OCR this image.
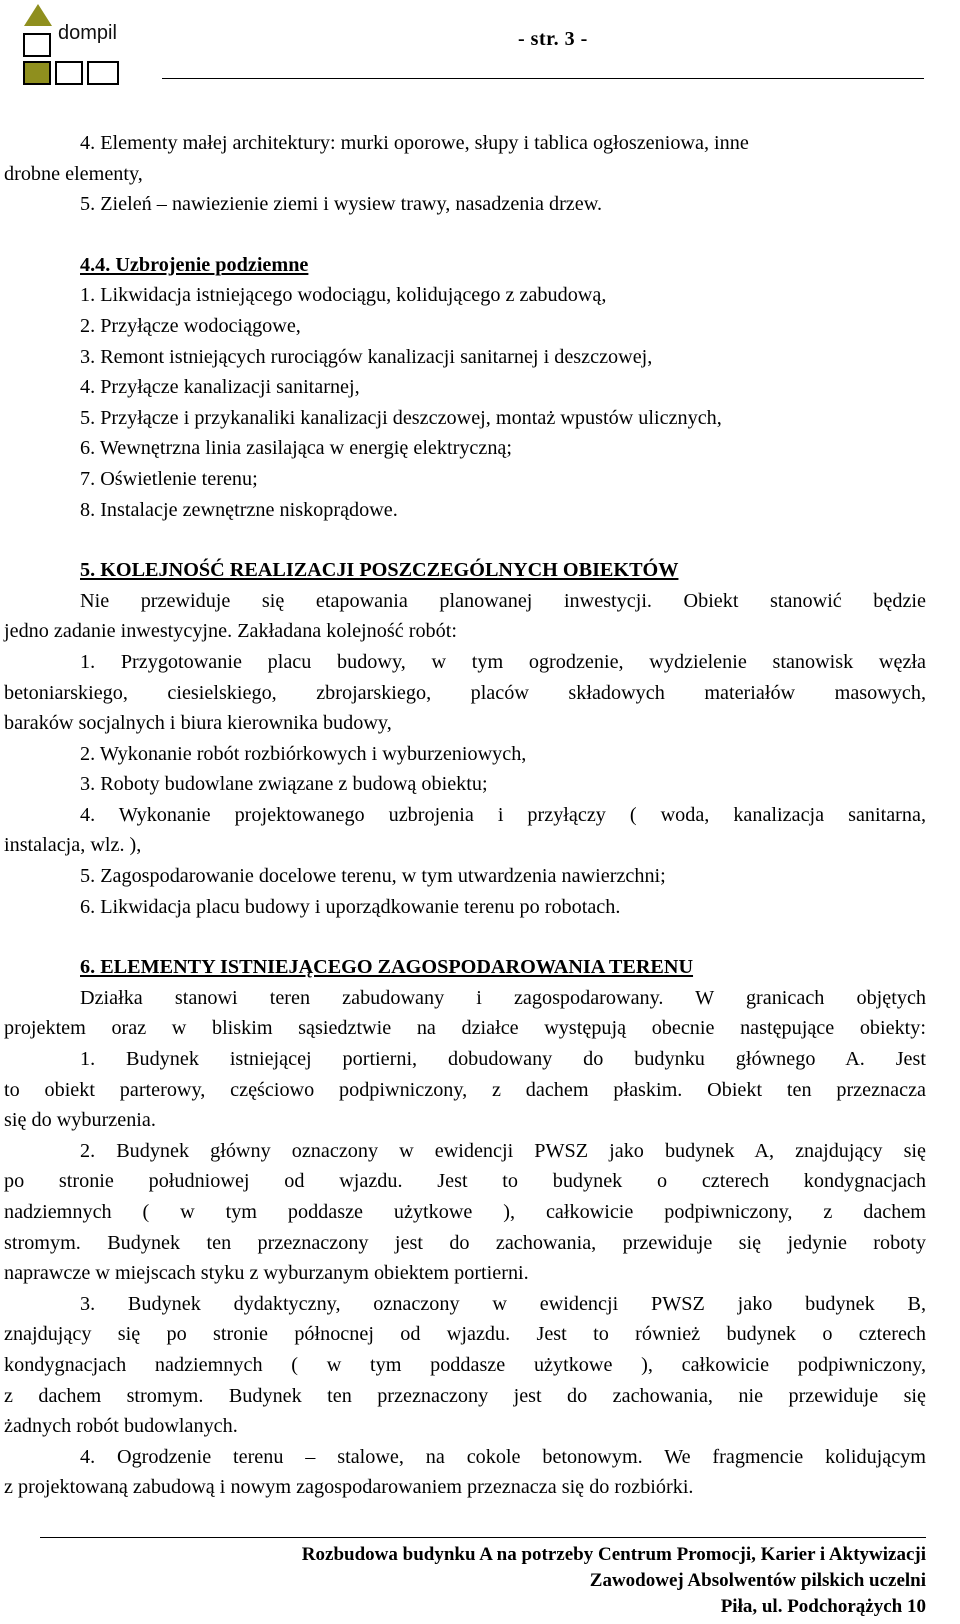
dompil	- str. 3 -
4. Elementy małej architektury: murki oporowe, słupy i tablica ogłoszeniowa, inne
drobne elementy,
5. Zieleń – nawiezienie ziemi i wysiew trawy, nasadzenia drzew.
4.4. Uzbrojenie podziemne
1. Likwidacja istniejącego wodociągu, kolidującego z zabudową,
2. Przyłącze wodociągowe,
3. Remont istniejących rurociągów kanalizacji sanitarnej i deszczowej,
4. Przyłącze kanalizacji sanitarnej,
5. Przyłącze i przykanaliki kanalizacji deszczowej, montaż wpustów ulicznych,
6. Wewnętrzna linia zasilająca w energię elektryczną;
7. Oświetlenie terenu;
8. Instalacje zewnętrzne niskoprądowe.
5. KOLEJNOŚĆ REALIZACJI POSZCZEGÓLNYCH OBIEKTÓW
Nie przewiduje się etapowania planowanej inwestycji. Obiekt stanowić będzie
jedno zadanie inwestycyjne. Zakładana kolejność robót:
1. Przygotowanie placu budowy, w tym ogrodzenie, wydzielenie stanowisk węzła
betoniarskiego, ciesielskiego, zbrojarskiego, placów składowych materiałów masowych,
baraków socjalnych i biura kierownika budowy,
2. Wykonanie robót rozbiórkowych i wyburzeniowych,
3. Roboty budowlane związane z budową obiektu;
4. Wykonanie projektowanego uzbrojenia i przyłączy ( woda, kanalizacja sanitarna,
instalacja, wlz. ),
5. Zagospodarowanie docelowe terenu, w tym utwardzenia nawierzchni;
6. Likwidacja placu budowy i uporządkowanie terenu po robotach.
6. ELEMENTY ISTNIEJĄCEGO ZAGOSPODAROWANIA TERENU
Działka stanowi teren zabudowany i zagospodarowany. W granicach objętych
projektem oraz w bliskim sąsiedztwie na działce występują obecnie następujące obiekty:
1. Budynek istniejącej portierni, dobudowany do budynku głównego A. Jest
to obiekt parterowy, częściowo podpiwniczony, z dachem płaskim. Obiekt ten przeznacza
się do wyburzenia.
2. Budynek główny oznaczony w ewidencji PWSZ jako budynek A, znajdujący się
po stronie południowej od wjazdu. Jest to budynek o czterech kondygnacjach
nadziemnych ( w tym poddasze użytkowe ), całkowicie podpiwniczony, z dachem
stromym. Budynek ten przeznaczony jest do zachowania, przewiduje się jedynie roboty
naprawcze w miejscach styku z wyburzanym obiektem portierni.
3. Budynek dydaktyczny, oznaczony w ewidencji PWSZ jako budynek B,
znajdujący się po stronie północnej od wjazdu. Jest to również budynek o czterech
kondygnacjach nadziemnych ( w tym poddasze użytkowe ), całkowicie podpiwniczony,
z dachem stromym. Budynek ten przeznaczony jest do zachowania, nie przewiduje się
żadnych robót budowlanych.
4. Ogrodzenie terenu – stalowe, na cokole betonowym. We fragmencie kolidującym
z projektowaną zabudową i nowym zagospodarowaniem przeznacza się do rozbiórki.
Rozbudowa budynku A na potrzeby Centrum Promocji, Karier i Aktywizacji
Zawodowej Absolwentów pilskich uczelni
Piła, ul. Podchorążych 10
